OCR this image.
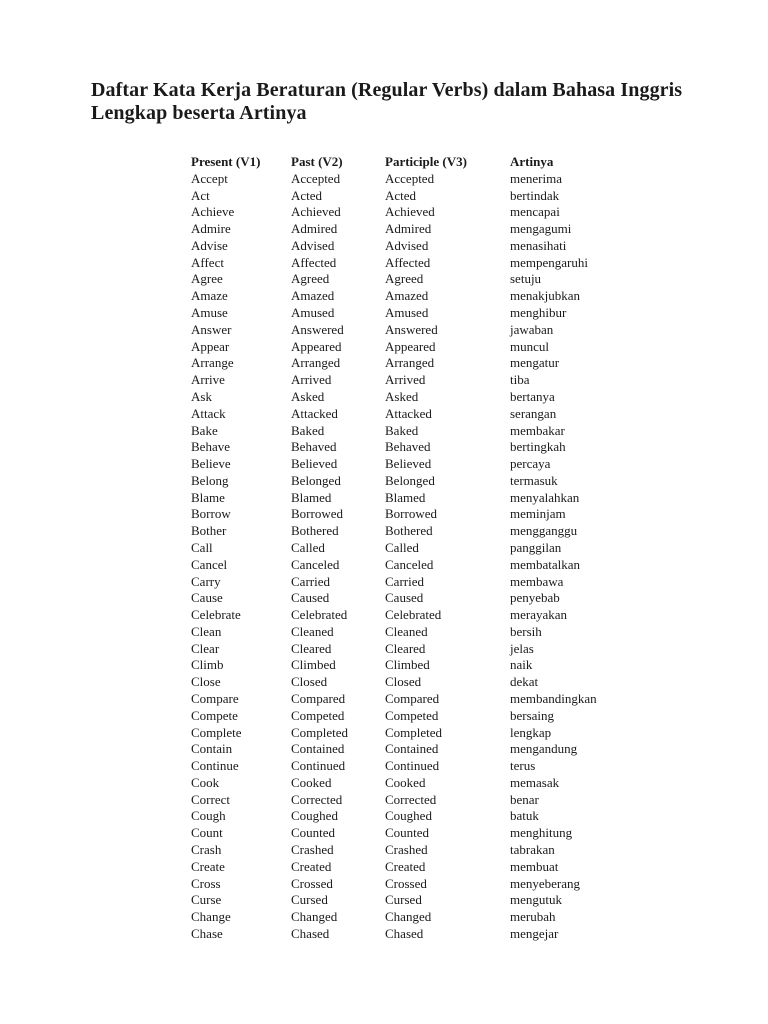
Daftar Kata Kerja Beraturan (Regular Verbs) dalam Bahasa Inggris Lengkap beserta Artinya
Present (V1)	Past (V2)	Participle (V3)	Artinya
Accept	Accepted	Accepted	menerima
Act	Acted	Acted	bertindak
Achieve	Achieved	Achieved	mencapai
Admire	Admired	Admired	mengagumi
Advise	Advised	Advised	menasihati
Affect	Affected	Affected	mempengaruhi
Agree	Agreed	Agreed	setuju
Amaze	Amazed	Amazed	menakjubkan
Amuse	Amused	Amused	menghibur
Answer	Answered	Answered	jawaban
Appear	Appeared	Appeared	muncul
Arrange	Arranged	Arranged	mengatur
Arrive	Arrived	Arrived	tiba
Ask	Asked	Asked	bertanya
Attack	Attacked	Attacked	serangan
Bake	Baked	Baked	membakar
Behave	Behaved	Behaved	bertingkah
Believe	Believed	Believed	percaya
Belong	Belonged	Belonged	termasuk
Blame	Blamed	Blamed	menyalahkan
Borrow	Borrowed	Borrowed	meminjam
Bother	Bothered	Bothered	mengganggu
Call	Called	Called	panggilan
Cancel	Canceled	Canceled	membatalkan
Carry	Carried	Carried	membawa
Cause	Caused	Caused	penyebab
Celebrate	Celebrated	Celebrated	merayakan
Clean	Cleaned	Cleaned	bersih
Clear	Cleared	Cleared	jelas
Climb	Climbed	Climbed	naik
Close	Closed	Closed	dekat
Compare	Compared	Compared	membandingkan
Compete	Competed	Competed	bersaing
Complete	Completed	Completed	lengkap
Contain	Contained	Contained	mengandung
Continue	Continued	Continued	terus
Cook	Cooked	Cooked	memasak
Correct	Corrected	Corrected	benar
Cough	Coughed	Coughed	batuk
Count	Counted	Counted	menghitung
Crash	Crashed	Crashed	tabrakan
Create	Created	Created	membuat
Cross	Crossed	Crossed	menyeberang
Curse	Cursed	Cursed	mengutuk
Change	Changed	Changed	merubah
Chase	Chased	Chased	mengejar
